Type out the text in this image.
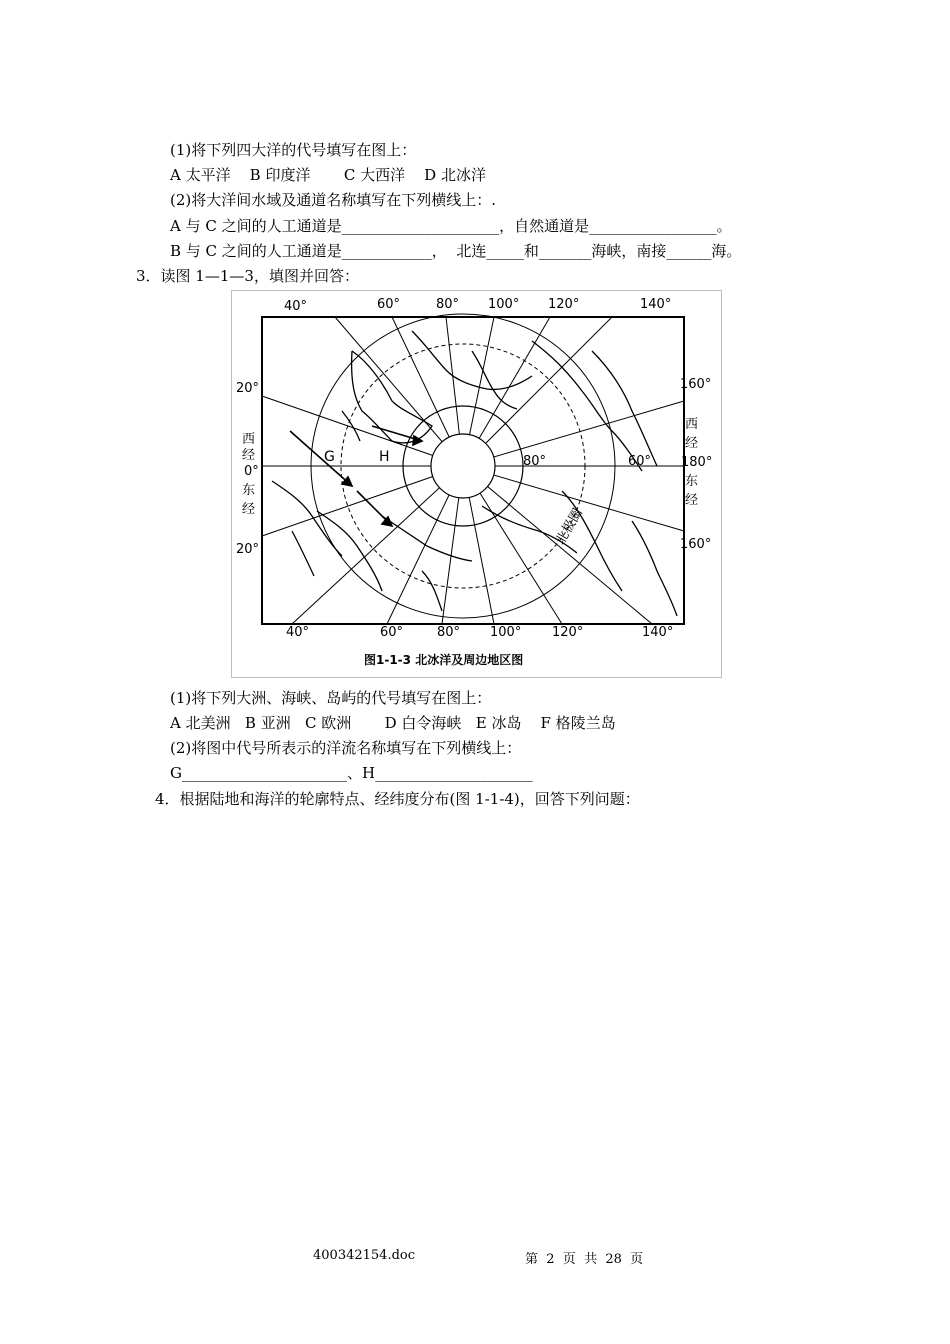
(1)将下列四大洋的代号填写在图上：
A 太平洋    B 印度洋       C 大西洋    D 北冰洋
(2)将大洋间水域及通道名称填写在下列横线上：.
A 与 C 之间的人工通道是_____________________，自然通道是_________________。
B 与 C 之间的人工通道是____________，  北连_____和_______海峡，南接______海。
3．读图 1—1—3，填图并回答：
40°	60°	80° 100° 120°	140°
40°	60°	80° 100° 120°	140°
20°
西
经
0°
东
经
20°
160°
西
经
180°
东
经
160°
G	H	80°	60°
北极圈
图1-1-3 北冰洋及周边地区图
(1)将下列大洲、海峡、岛屿的代号填写在图上：
A 北美洲   B 亚洲   C 欧洲       D 白令海峡   E 冰岛    F 格陵兰岛
(2)将图中代号所表示的洋流名称填写在下列横线上：
G______________________、H_____________________
4．根据陆地和海洋的轮廓特点、经纬度分布(图 1-1-4)，回答下列问题：
400342154.doc	第  2  页  共  28  页
